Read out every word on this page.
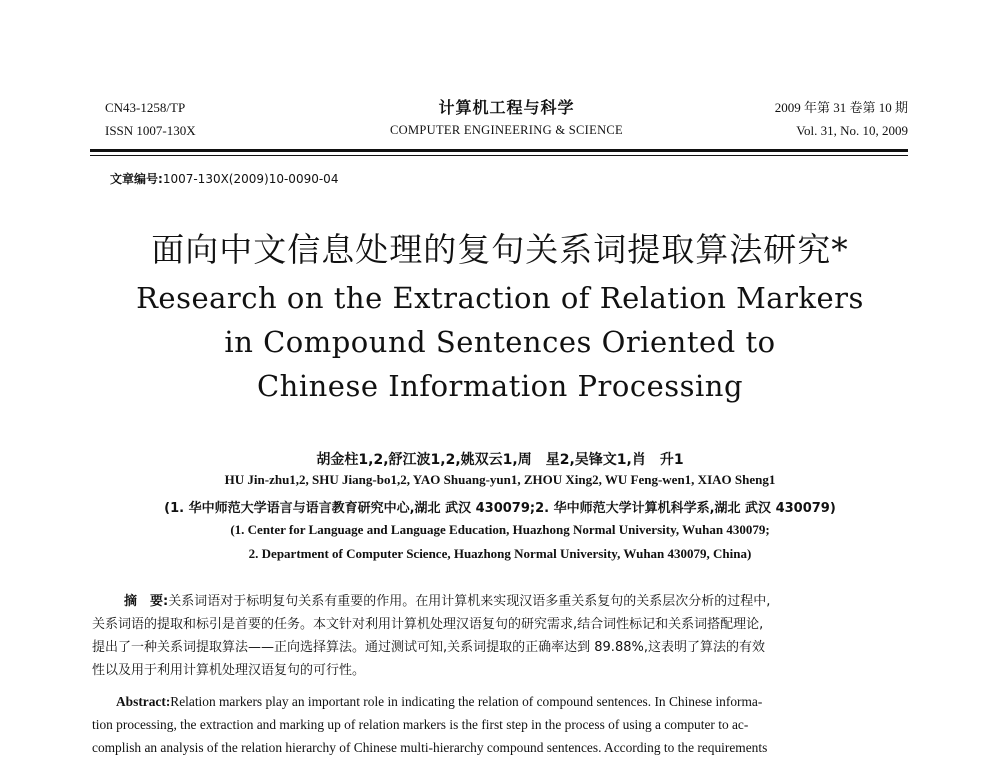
CN43-1258/TP
ISSN 1007-130X
计算机工程与科学
COMPUTER ENGINEERING & SCIENCE
2009 年第 31 卷第 10 期
Vol. 31, No. 10, 2009
文章编号:1007-130X(2009)10-0090-04
面向中文信息处理的复句关系词提取算法研究*
Research on the Extraction of Relation Markers
in Compound Sentences Oriented to
Chinese Information Processing
胡金柱1,2,舒江波1,2,姚双云1,周　星2,吴锋文1,肖　升1
HU Jin-zhu1,2, SHU Jiang-bo1,2, YAO Shuang-yun1, ZHOU Xing2, WU Feng-wen1, XIAO Sheng1
(1. 华中师范大学语言与语言教育研究中心,湖北 武汉 430079;2. 华中师范大学计算机科学系,湖北 武汉 430079)
(1. Center for Language and Language Education, Huazhong Normal University, Wuhan 430079;
2. Department of Computer Science, Huazhong Normal University, Wuhan 430079, China)
摘　要:关系词语对于标明复句关系有重要的作用。在用计算机来实现汉语多重关系复句的关系层次分析的过程中,
关系词语的提取和标引是首要的任务。本文针对利用计算机处理汉语复句的研究需求,结合词性标记和关系词搭配理论,
提出了一种关系词提取算法——正向选择算法。通过测试可知,关系词提取的正确率达到 89.88%,这表明了算法的有效
性以及用于利用计算机处理汉语复句的可行性。
Abstract:Relation markers play an important role in indicating the relation of compound sentences. In Chinese informa-
tion processing, the extraction and marking up of relation markers is the first step in the process of using a computer to ac-
complish an analysis of the relation hierarchy of Chinese multi-hierarchy compound sentences. According to the requirements
